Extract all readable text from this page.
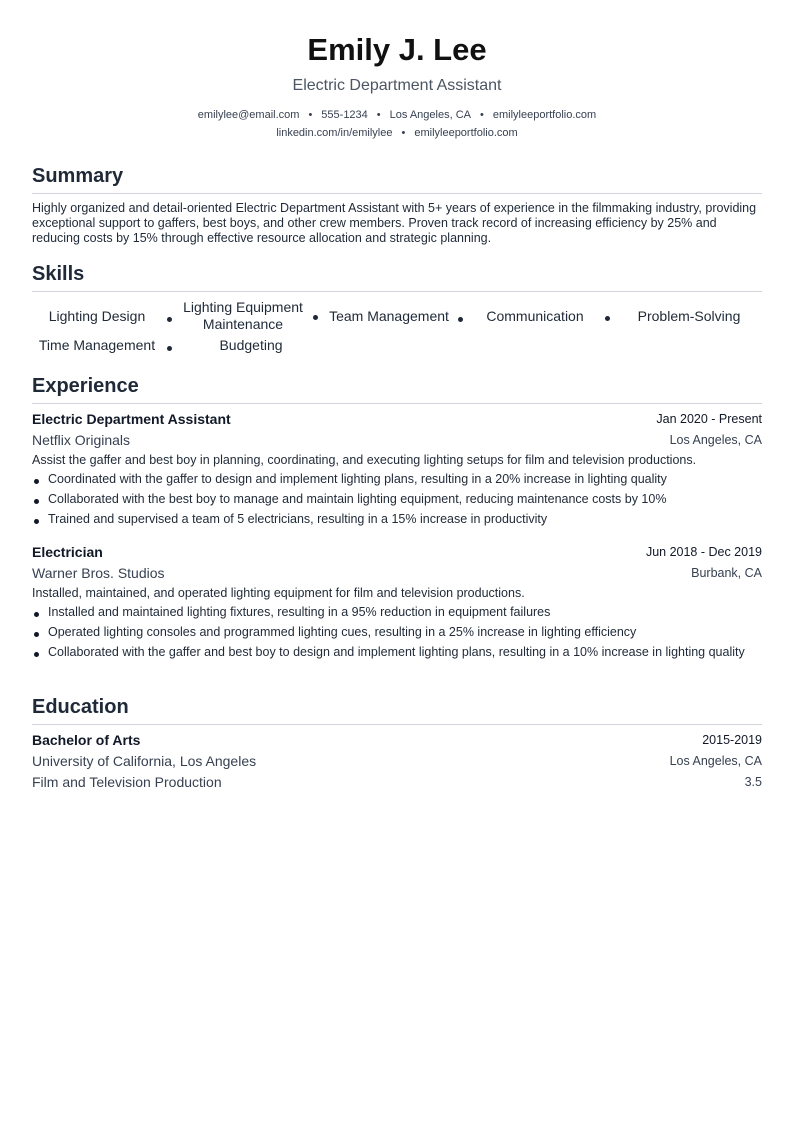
Emily J. Lee
Electric Department Assistant
emilylee@email.com • 555-1234 • Los Angeles, CA • emilyleeportfolio.com
linkedin.com/in/emilylee • emilyleeportfolio.com
Summary

Highly organized and detail-oriented Electric Department Assistant with 5+ years of experience in the filmmaking industry, providing exceptional support to gaffers, best boys, and other crew members. Proven track record of increasing efficiency by 25% and reducing costs by 15% through effective resource allocation and strategic planning.

Skills
Lighting Design
Lighting Equipment Maintenance	Team Management	Communication	Problem-Solving
Time Management	Budgeting
Experience
Electric Department Assistant	Jan 2020 - Present
Netflix Originals	Los Angeles, CA

Assist the gaffer and best boy in planning, coordinating, and executing lighting setups for film and television productions.

Coordinated with the gaffer to design and implement lighting plans, resulting in a 20% increase in lighting quality
Collaborated with the best boy to manage and maintain lighting equipment, reducing maintenance costs by 10%
Trained and supervised a team of 5 electricians, resulting in a 15% increase in productivity
Electrician	Jun 2018 - Dec 2019
Warner Bros. Studios	Burbank, CA

Installed, maintained, and operated lighting equipment for film and television productions.

Installed and maintained lighting fixtures, resulting in a 95% reduction in equipment failures
Operated lighting consoles and programmed lighting cues, resulting in a 25% increase in lighting efficiency
Collaborated with the gaffer and best boy to design and implement lighting plans, resulting in a 10% increase in lighting quality
Education
Bachelor of Arts	2015-2019
University of California, Los Angeles	Los Angeles, CA
Film and Television Production	3.5
